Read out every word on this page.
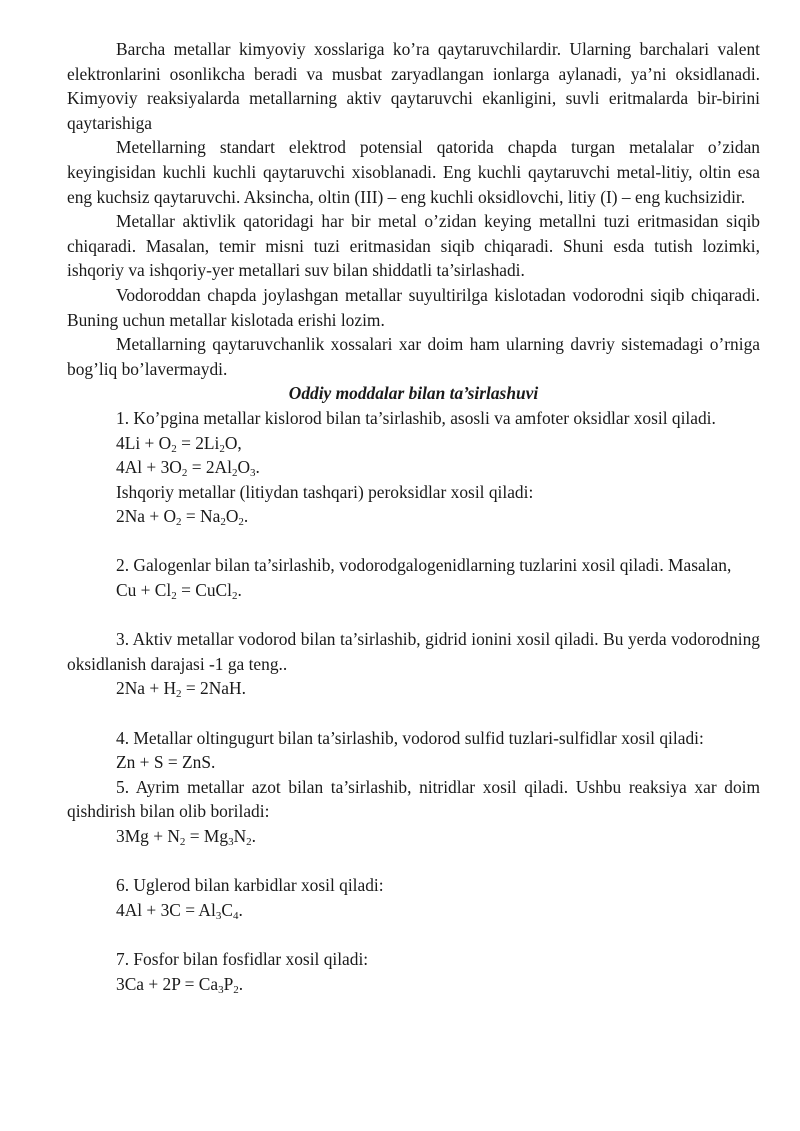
Barcha metallar kimyoviy xosslariga ko’ra qaytaruvchilardir. Ularning barchalari valent elektronlarini osonlikcha beradi va musbat zaryadlangan ionlarga aylanadi, ya’ni oksidlanadi. Kimyoviy reaksiyalarda metallarning aktiv qaytaruvchi ekanligini, suvli eritmalarda bir-birini qaytarishiga

Metellarning standart elektrod potensial qatorida chapda turgan metalalar o’zidan keyingisidan kuchli kuchli qaytaruvchi xisoblanadi. Eng kuchli qaytaruvchi metal-litiy, oltin esa eng kuchsiz qaytaruvchi. Aksincha, oltin (III) – eng kuchli oksidlovchi, litiy (I) – eng kuchsizidir.

Metallar aktivlik qatoridagi har bir metal o’zidan keying metallni tuzi eritmasidan siqib chiqaradi. Masalan, temir misni tuzi eritmasidan siqib chiqaradi. Shuni esda tutish lozimki, ishqoriy va ishqoriy-yer metallari suv bilan shiddatli ta’sirlashadi.

Vodoroddan chapda joylashgan metallar suyultirilga kislotadan vodorodni siqib chiqaradi. Buning uchun metallar kislotada erishi lozim.

Metallarning qaytaruvchanlik xossalari xar doim ham ularning davriy sistemadagi o’rniga bog’liq bo’lavermaydi.

Oddiy moddalar bilan ta’sirlashuvi

1. Ko’pgina metallar kislorod bilan ta’sirlashib, asosli va amfoter oksidlar xosil qiladi.

$4Li + O_2 = 2Li_2O$,

$4Al + 3O_2 = 2Al_2O_3$.

Ishqoriy metallar (litiydan tashqari) peroksidlar xosil qiladi:

$2Na + O_2 = Na_2O_2$.

2. Galogenlar bilan ta’sirlashib, vodorodgalogenidlarning tuzlarini xosil qiladi. Masalan,

$Cu + Cl_2$ = CuCl$_2$.

3. Aktiv metallar vodorod bilan ta’sirlashib, gidrid ionini xosil qiladi. Bu yerda vodorodning oksidlanish darajasi -1 ga teng..

$2Na + H_2 = 2NaH$.

4. Metallar oltingugurt bilan ta’sirlashib, vodorod sulfid tuzlari-sulfidlar xosil qiladi:

Zn + S = ZnS.

5. Ayrim metallar azot bilan ta’sirlashib, nitridlar xosil qiladi. Ushbu reaksiya xar doim qishdirish bilan olib boriladi:

$3Mg + N_2 = Mg_3N_2$.

6. Uglerod bilan karbidlar xosil qiladi:

$4Al + 3C = Al_3C_4$.

7. Fosfor bilan fosfidlar xosil qiladi:

$3Ca + 2P = Ca_3P_2$.
